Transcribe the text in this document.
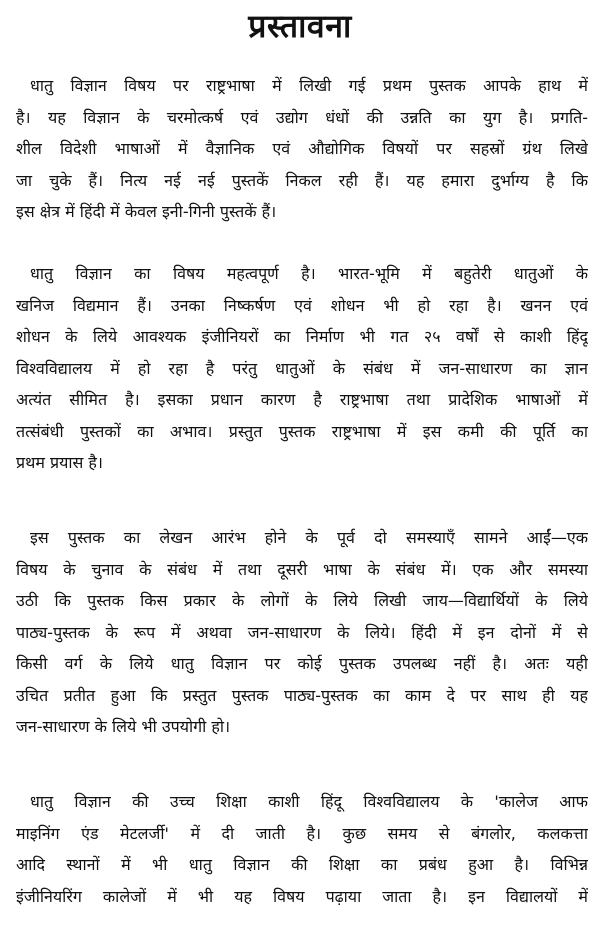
प्रस्तावना
धातु विज्ञान विषय पर राष्ट्रभाषा में लिखी गई प्रथम पुस्तक आपके हाथ में
है। यह विज्ञान के चरमोत्कर्ष एवं उद्योग धंधों की उन्नति का युग है। प्रगति-
शील विदेशी भाषाओं में वैज्ञानिक एवं औद्योगिक विषयों पर सहस्रों ग्रंथ लिखे
जा चुके हैं। नित्य नई नई पुस्तकें निकल रही हैं। यह हमारा दुर्भाग्य है कि
इस क्षेत्र में हिंदी में केवल इनी-गिनी पुस्तकें हैं।
धातु विज्ञान का विषय महत्वपूर्ण है। भारत-भूमि में बहुतेरी धातुओं के
खनिज विद्यमान हैं। उनका निष्कर्षण एवं शोधन भी हो रहा है। खनन एवं
शोधन के लिये आवश्यक इंजीनियरों का निर्माण भी गत २५ वर्षों से काशी हिंदू
विश्वविद्यालय में हो रहा है परंतु धातुओं के संबंध में जन-साधारण का ज्ञान
अत्यंत सीमित है। इसका प्रधान कारण है राष्ट्रभाषा तथा प्रादेशिक भाषाओं में
तत्संबंधी पुस्तकों का अभाव। प्रस्तुत पुस्तक राष्ट्रभाषा में इस कमी की पूर्ति का
प्रथम प्रयास है।
इस पुस्तक का लेखन आरंभ होने के पूर्व दो समस्याएँ सामने आईं—एक
विषय के चुनाव के संबंध में तथा दूसरी भाषा के संबंध में। एक और समस्या
उठी कि पुस्तक किस प्रकार के लोगों के लिये लिखी जाय—विद्यार्थियों के लिये
पाठ्य-पुस्तक के रूप में अथवा जन-साधारण के लिये। हिंदी में इन दोनों में से
किसी वर्ग के लिये धातु विज्ञान पर कोई पुस्तक उपलब्ध नहीं है। अतः यही
उचित प्रतीत हुआ कि प्रस्तुत पुस्तक पाठ्य-पुस्तक का काम दे पर साथ ही यह
जन-साधारण के लिये भी उपयोगी हो।
धातु विज्ञान की उच्च शिक्षा काशी हिंदू विश्वविद्यालय के 'कालेज आफ
माइनिंग एंड मेटलर्जी' में दी जाती है। कुछ समय से बंगलोर, कलकत्ता
आदि स्थानों में भी धातु विज्ञान की शिक्षा का प्रबंध हुआ है। विभिन्न
इंजीनियरिंग कालेजों में भी यह विषय पढ़ाया जाता है। इन विद्यालयों में
